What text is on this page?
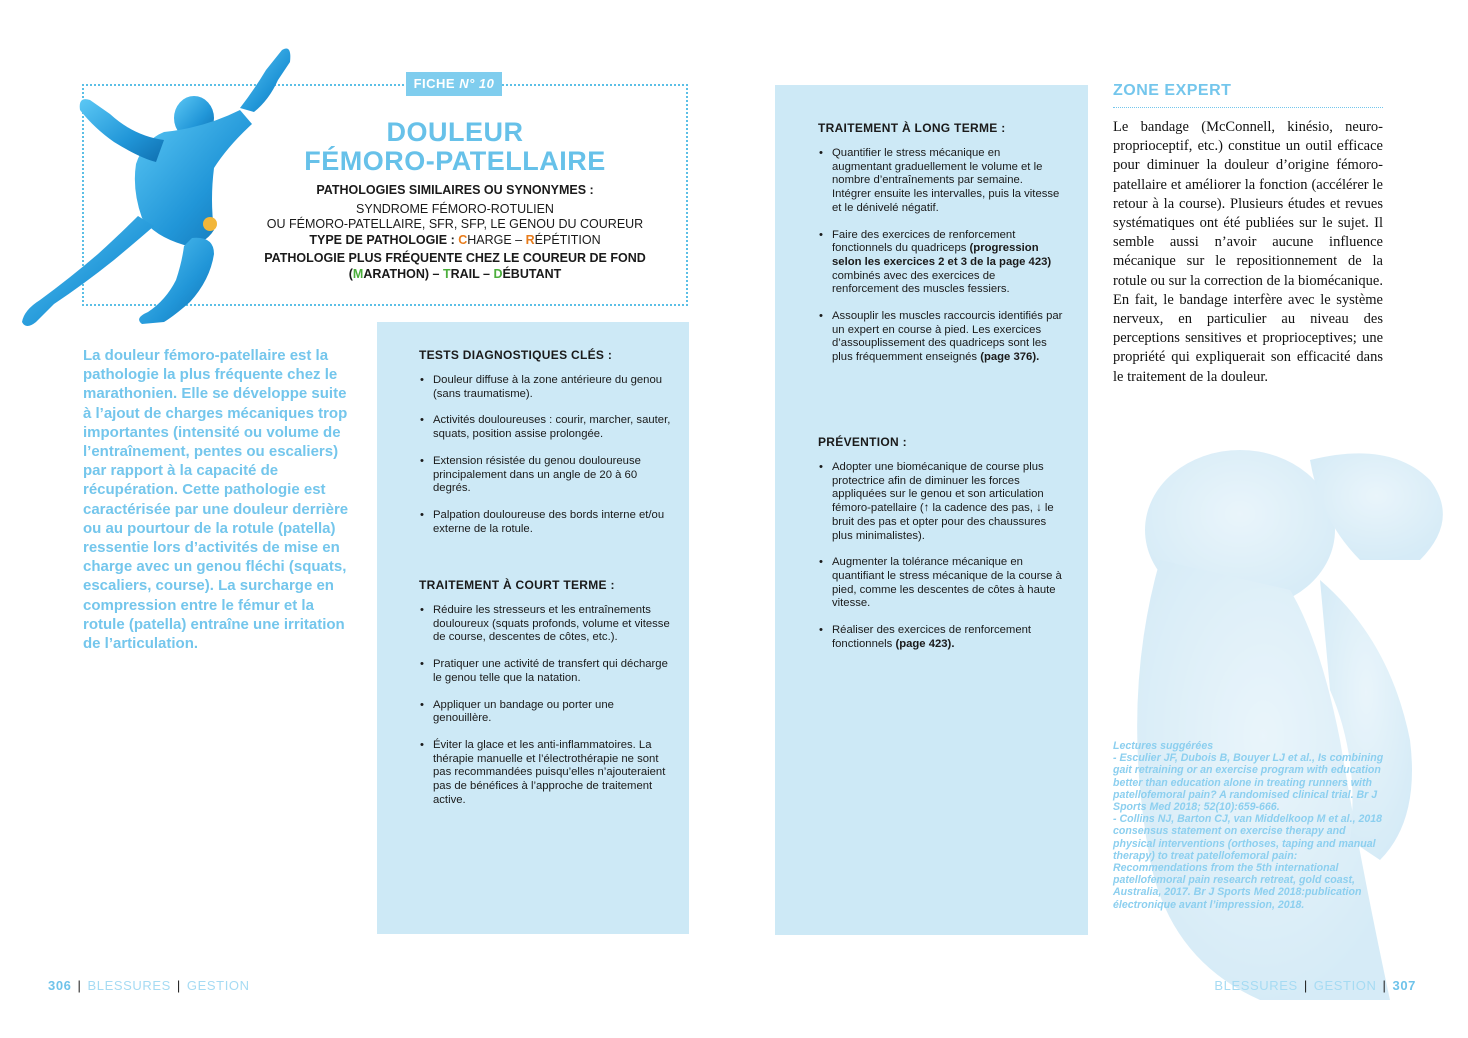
FICHE N° 10
DOULEUR
FÉMORO-PATELLAIRE
PATHOLOGIES SIMILAIRES OU SYNONYMES :
SYNDROME FÉMORO-ROTULIEN
OU FÉMORO-PATELLAIRE, SFR, SFP, LE GENOU DU COUREUR
TYPE DE PATHOLOGIE : CHARGE – RÉPÉTITION
PATHOLOGIE PLUS FRÉQUENTE CHEZ LE COUREUR DE FOND
(MARATHON) – TRAIL – DÉBUTANT
La douleur fémoro-patellaire est la pathologie la plus fréquente chez le marathonien. Elle se développe suite à l’ajout de charges mécaniques trop importantes (intensité ou volume de l’entraînement, pentes ou escaliers) par rapport à la capacité de récupération. Cette pathologie est caractérisée par une douleur derrière ou au pourtour de la rotule (patella) ressentie lors d’activités de mise en charge avec un genou fléchi (squats, escaliers, course). La surcharge en compression entre le fémur et la rotule (patella) entraîne une irritation de l’articulation.
TESTS DIAGNOSTIQUES CLÉS :
• Douleur diffuse à la zone antérieure du genou (sans traumatisme).
• Activités douloureuses : courir, marcher, sauter, squats, position assise prolongée.
• Extension résistée du genou douloureuse principalement dans un angle de 20 à 60 degrés.
• Palpation douloureuse des bords interne et/ou externe de la rotule.
TRAITEMENT À COURT TERME :
• Réduire les stresseurs et les entraînements douloureux (squats profonds, volume et vitesse de course, descentes de côtes, etc.).
• Pratiquer une activité de transfert qui décharge le genou telle que la natation.
• Appliquer un bandage ou porter une genouillère.
• Éviter la glace et les anti-inflammatoires. La thérapie manuelle et l’électrothérapie ne sont pas recommandées puisqu’elles n’ajouteraient pas de bénéfices à l’approche de traitement active.
TRAITEMENT À LONG TERME :
• Quantifier le stress mécanique en augmentant graduellement le volume et le nombre d’entraînements par semaine. Intégrer ensuite les intervalles, puis la vitesse et le dénivelé négatif.
• Faire des exercices de renforcement fonctionnels du quadriceps (progression selon les exercices 2 et 3 de la page 423) combinés avec des exercices de renforcement des muscles fessiers.
• Assouplir les muscles raccourcis identifiés par un expert en course à pied. Les exercices d’assouplissement des quadriceps sont les plus fréquemment enseignés (page 376).
PRÉVENTION :
• Adopter une biomécanique de course plus protectrice afin de diminuer les forces appliquées sur le genou et son articulation fémoro-patellaire (↑ la cadence des pas, ↓ le bruit des pas et opter pour des chaussures plus minimalistes).
• Augmenter la tolérance mécanique en quantifiant le stress mécanique de la course à pied, comme les descentes de côtes à haute vitesse.
• Réaliser des exercices de renforcement fonctionnels (page 423).
ZONE EXPERT
Le bandage (McConnell, kinésio, neuro-proprioceptif, etc.) constitue un outil efficace pour diminuer la douleur d’origine fémoro-patellaire et améliorer la fonction (accélérer le retour à la course). Plusieurs études et revues systématiques ont été publiées sur le sujet. Il semble aussi n’avoir aucune influence mécanique sur le repositionnement de la rotule ou sur la correction de la biomécanique. En fait, le bandage interfère avec le système nerveux, en particulier au niveau des perceptions sensitives et proprioceptives; une propriété qui expliquerait son efficacité dans le traitement de la douleur.
Lectures suggérées
- Esculier JF, Dubois B, Bouyer LJ et al., Is combining gait retraining or an exercise program with education better than education alone in treating runners with patellofemoral pain? A randomised clinical trial. Br J Sports Med 2018; 52(10):659-666.
- Collins NJ, Barton CJ, van Middelkoop M et al., 2018 consensus statement on exercise therapy and physical interventions (orthoses, taping and manual therapy) to treat patellofemoral pain: Recommendations from the 5th international patellofemoral pain research retreat, gold coast, Australia, 2017. Br J Sports Med 2018:publication électronique avant l’impression, 2018.
306 | BLESSURES | GESTION	BLESSURES | GESTION | 307
